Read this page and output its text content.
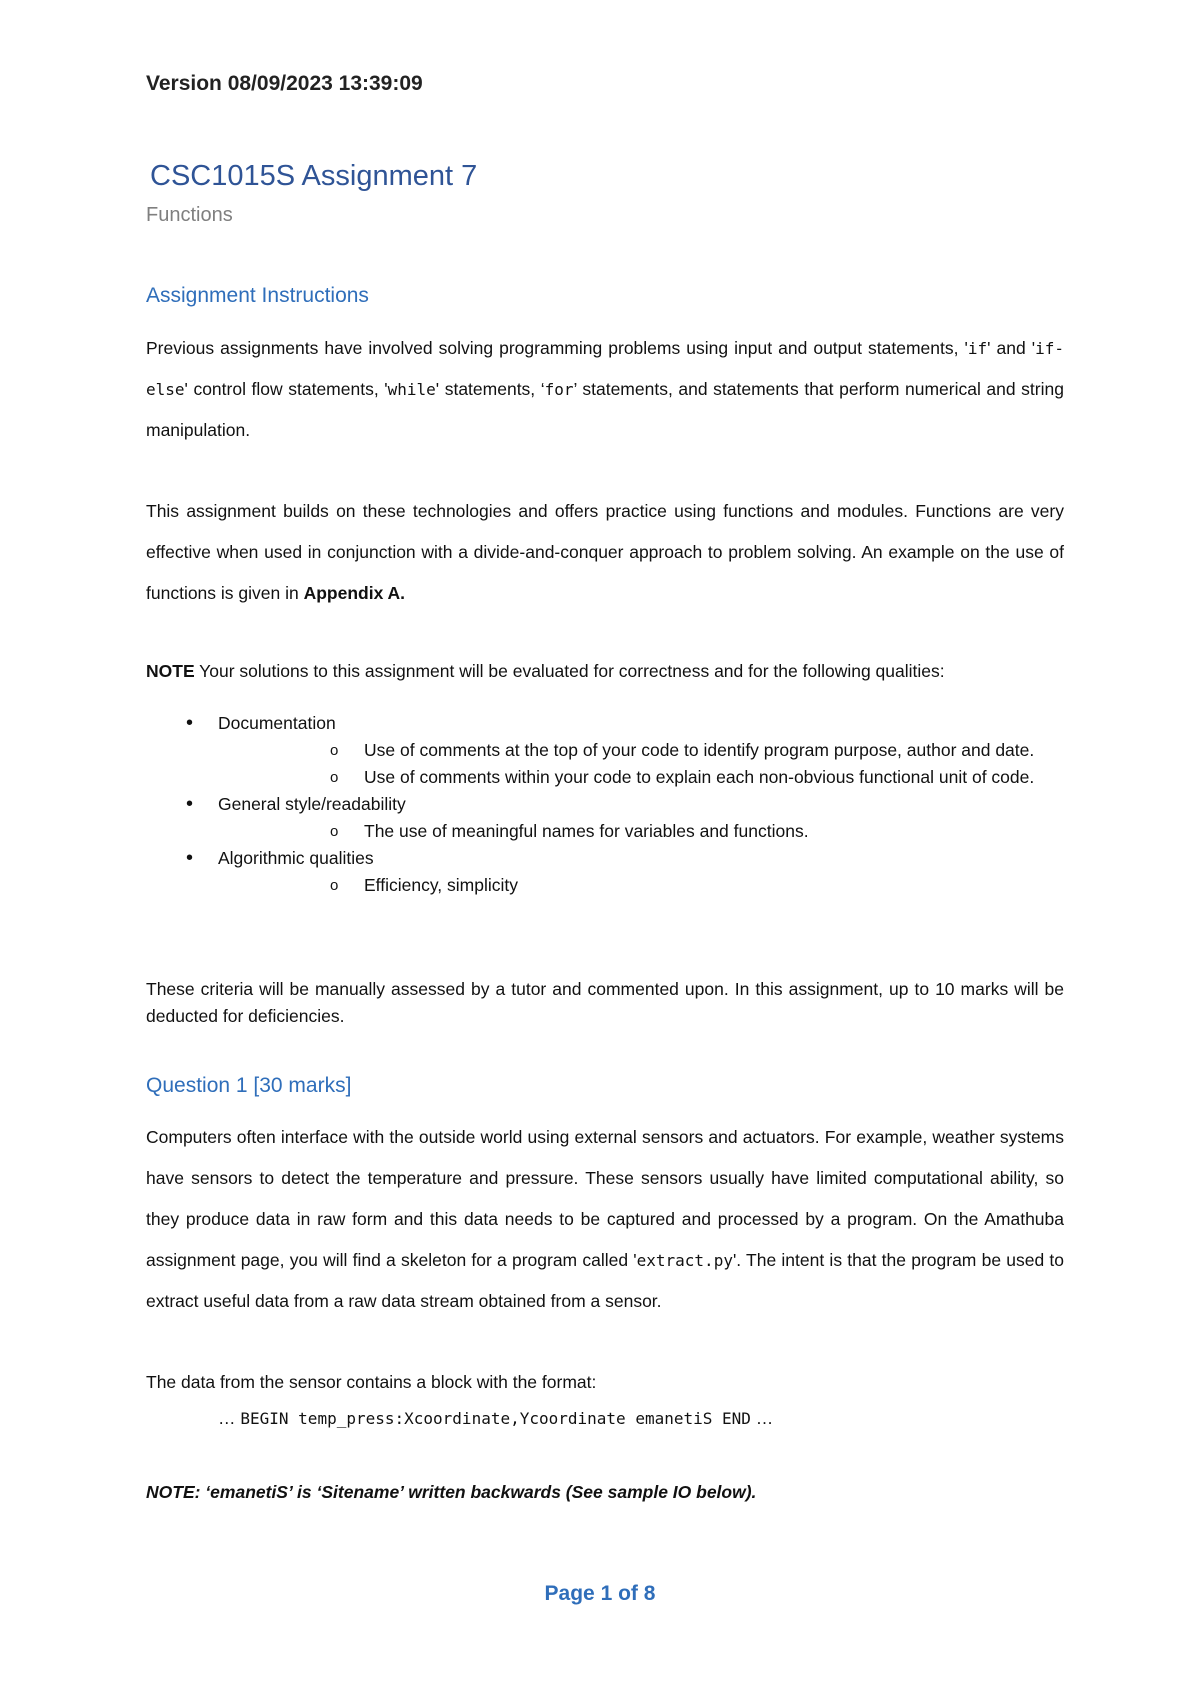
Version 08/09/2023 13:39:09
CSC1015S Assignment 7
Functions
Assignment Instructions

Previous assignments have involved solving programming problems using input and output statements, 'if' and 'if-else' control flow statements, 'while' statements, ‘for’ statements, and statements that perform numerical and string manipulation.

This assignment builds on these technologies and offers practice using functions and modules. Functions are very effective when used in conjunction with a divide-and-conquer approach to problem solving. An example on the use of functions is given in Appendix A.

NOTE Your solutions to this assignment will be evaluated for correctness and for the following qualities:

• Documentation
o Use of comments at the top of your code to identify program purpose, author and date.
o Use of comments within your code to explain each non-obvious functional unit of code.
• General style/readability
o The use of meaningful names for variables and functions.
• Algorithmic qualities
o Efficiency, simplicity

These criteria will be manually assessed by a tutor and commented upon. In this assignment, up to 10 marks will be deducted for deficiencies.

Question 1 [30 marks]

Computers often interface with the outside world using external sensors and actuators. For example, weather systems have sensors to detect the temperature and pressure. These sensors usually have limited computational ability, so they produce data in raw form and this data needs to be captured and processed by a program. On the Amathuba assignment page, you will find a skeleton for a program called 'extract.py'. The intent is that the program be used to extract useful data from a raw data stream obtained from a sensor.

The data from the sensor contains a block with the format:

… BEGIN temp_press:Xcoordinate,Ycoordinate emanetiS END …
NOTE: ‘emanetiS’ is ‘Sitename’ written backwards (See sample IO below).
Page 1 of 8
